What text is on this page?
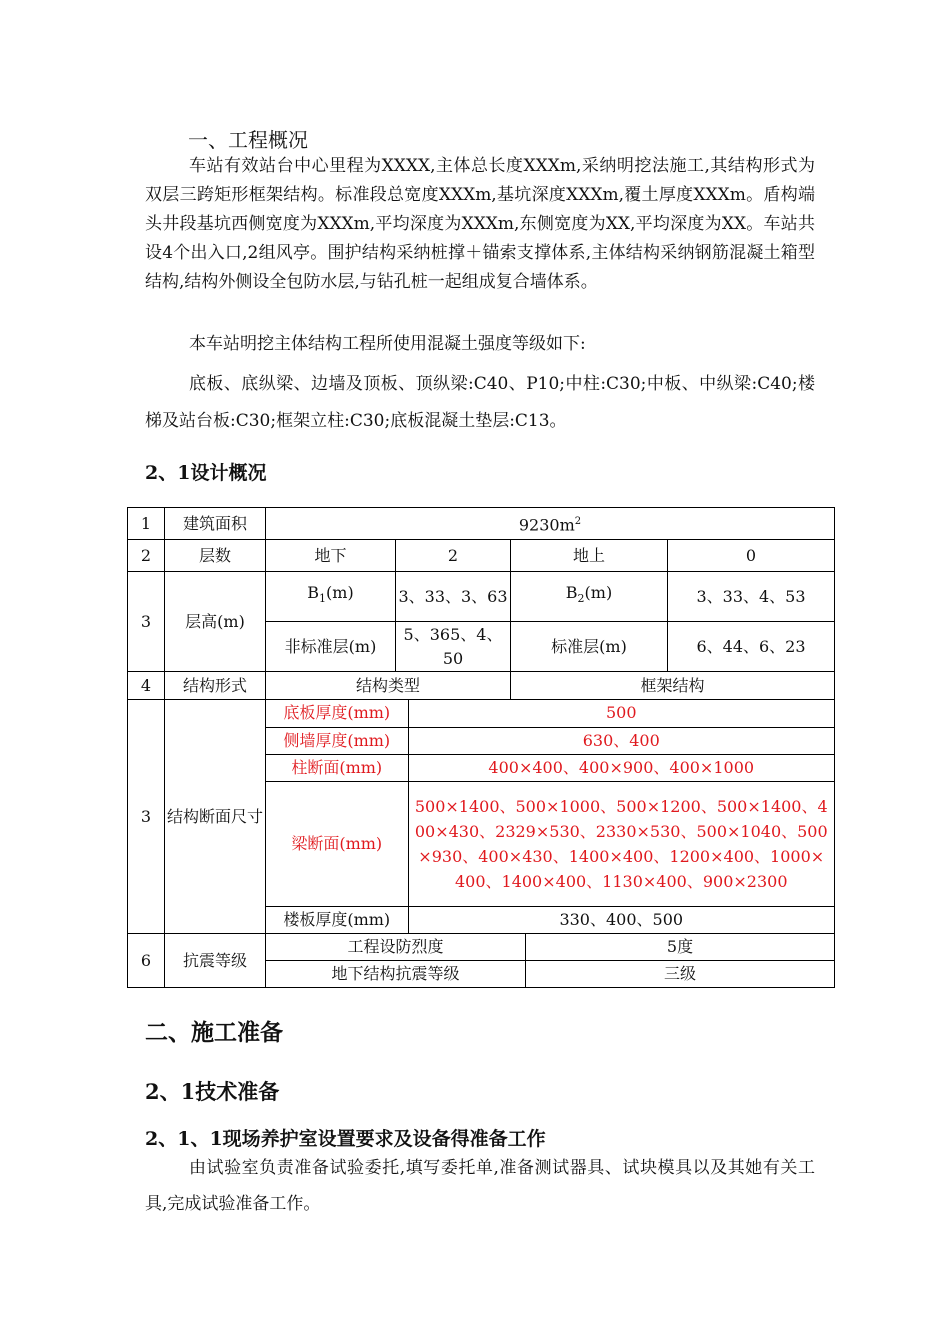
一、工程概况

车站有效站台中心里程为XXXX,主体总长度XXXm,采纳明挖法施工,其结构形式为双层三跨矩形框架结构。标准段总宽度XXXm,基坑深度XXXm,覆土厚度XXXm。盾构端头井段基坑西侧宽度为XXXm,平均深度为XXXm,东侧宽度为XX,平均深度为XX。车站共设4个出入口,2组风亭。围护结构采纳桩撑＋锚索支撑体系,主体结构采纳钢筋混凝土箱型结构,结构外侧设全包防水层,与钻孔桩一起组成复合墙体系。

本车站明挖主体结构工程所使用混凝土强度等级如下:

底板、底纵梁、边墙及顶板、顶纵梁:C40、P10;中柱:C30;中板、中纵梁:C40;楼梯及站台板:C30;框架立柱:C30;底板混凝土垫层:C13。

2、1设计概况
1	建筑面积	$9230m^2$
2	层数	地下	2	地上	0
3	层高(m)	$B_1(m)$	3、33、3、63	$B_2(m)$	3、33、4、53
非标准层(m)	5、365、4、50	标准层(m)	6、44、6、23
4	结构形式	结构类型	框架结构
3	结构断面尺寸	
底板厚度(mm)	500
侧墙厚度(mm)	630、400
柱断面(mm)	400×400、400×900、400×1000
梁断面(mm)	500×1400、500×1000、500×1200、500×1400、400×430、2329×530、2330×530、500×1040、500×930、400×430、1400×400、1200×400、1000×400、1400×400、1130×400、900×2300
楼板厚度(mm)	330、400、500

6	抗震等级	工程设防烈度	5度
地下结构抗震等级	三级
二、施工准备
2、1技术准备
2、1、1现场养护室设置要求及设备得准备工作

由试验室负责准备试验委托,填写委托单,准备测试器具、试块模具以及其她有关工具,完成试验准备工作。
